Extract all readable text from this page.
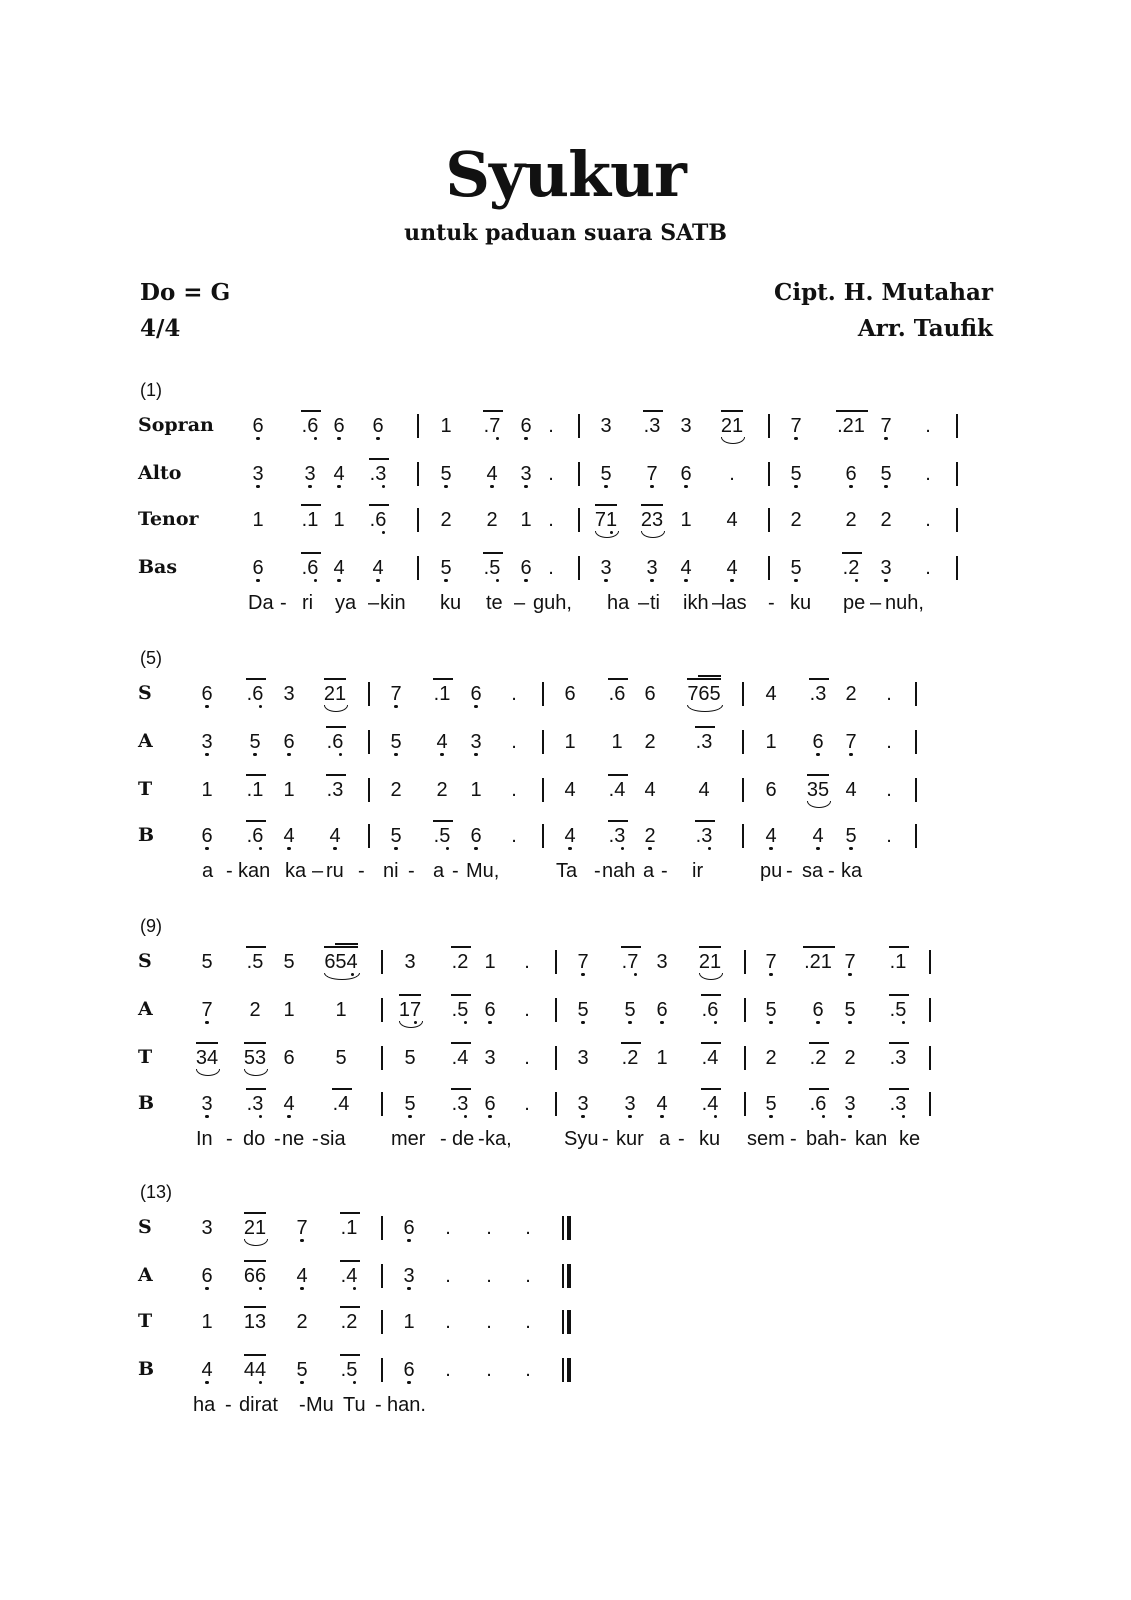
Syukur
untuk paduan suara SATB
Do = G
4/4
Cipt. H. Mutahar
Arr. Taufik
(1)
Sopran 6 .6 6 6	1 .7 6 . 3 .3 3 21 7 .21 7 .
Alto	3 3 4 .3	5 4 3 . 5 7 6 .	5 6 5 .
Tenor	1 .1 1 .6	2 2 1 . 71 23 1 4	2 2 2 .
Bas	6 .6 4 4	5 .5 6 . 3 3 4 4	5 .2 3 .
Da - ri ya – kin ku te – guh, ha – ti ikh –
las - ku pe – nuh,
(5)
S 6 .6 3 21 7 .1 6 . 6 .6 6 765 4 .3 2 .
A 3 5 6 .6 5 4 3 . 1 1 2 .3	1 6 7 .
T 1 .1 1 .3 2 2 1 . 4 .4 4 4	6 35 4 .
B 6 .6 4 4 5 .5 6 . 4 .3 2 .3	4 4 5 .
a - kan ka – ru - ni - a - Mu,	Ta - nah a - ir	pu - sa - ka
(9)
S 5 .5 5 654 3 .2 1 . 7 .7 3 21 7 .21 7 .1
A 7 2 1 1	17 .5 6 . 5 5 6 .6 5 6 5 .5
T 34 53 6 5	5 .4 3 . 3 .2 1 .4 2 .2 2 .3
B 3 .3 4 .4	5 .3 6 . 3 3 4 .4 5 .6 3 .3
In - do - ne - sia mer - de - ka,	Syu - kur a - ku sem - bah - kan ke
(13)
S 3 21 7 .1 6 . . .
A 6 66 4 .4 3 . . .
T 1 13 2 .2 1 . . .
B 4 44 5 .5 6 . . .
ha - dirat - Mu Tu - han.
